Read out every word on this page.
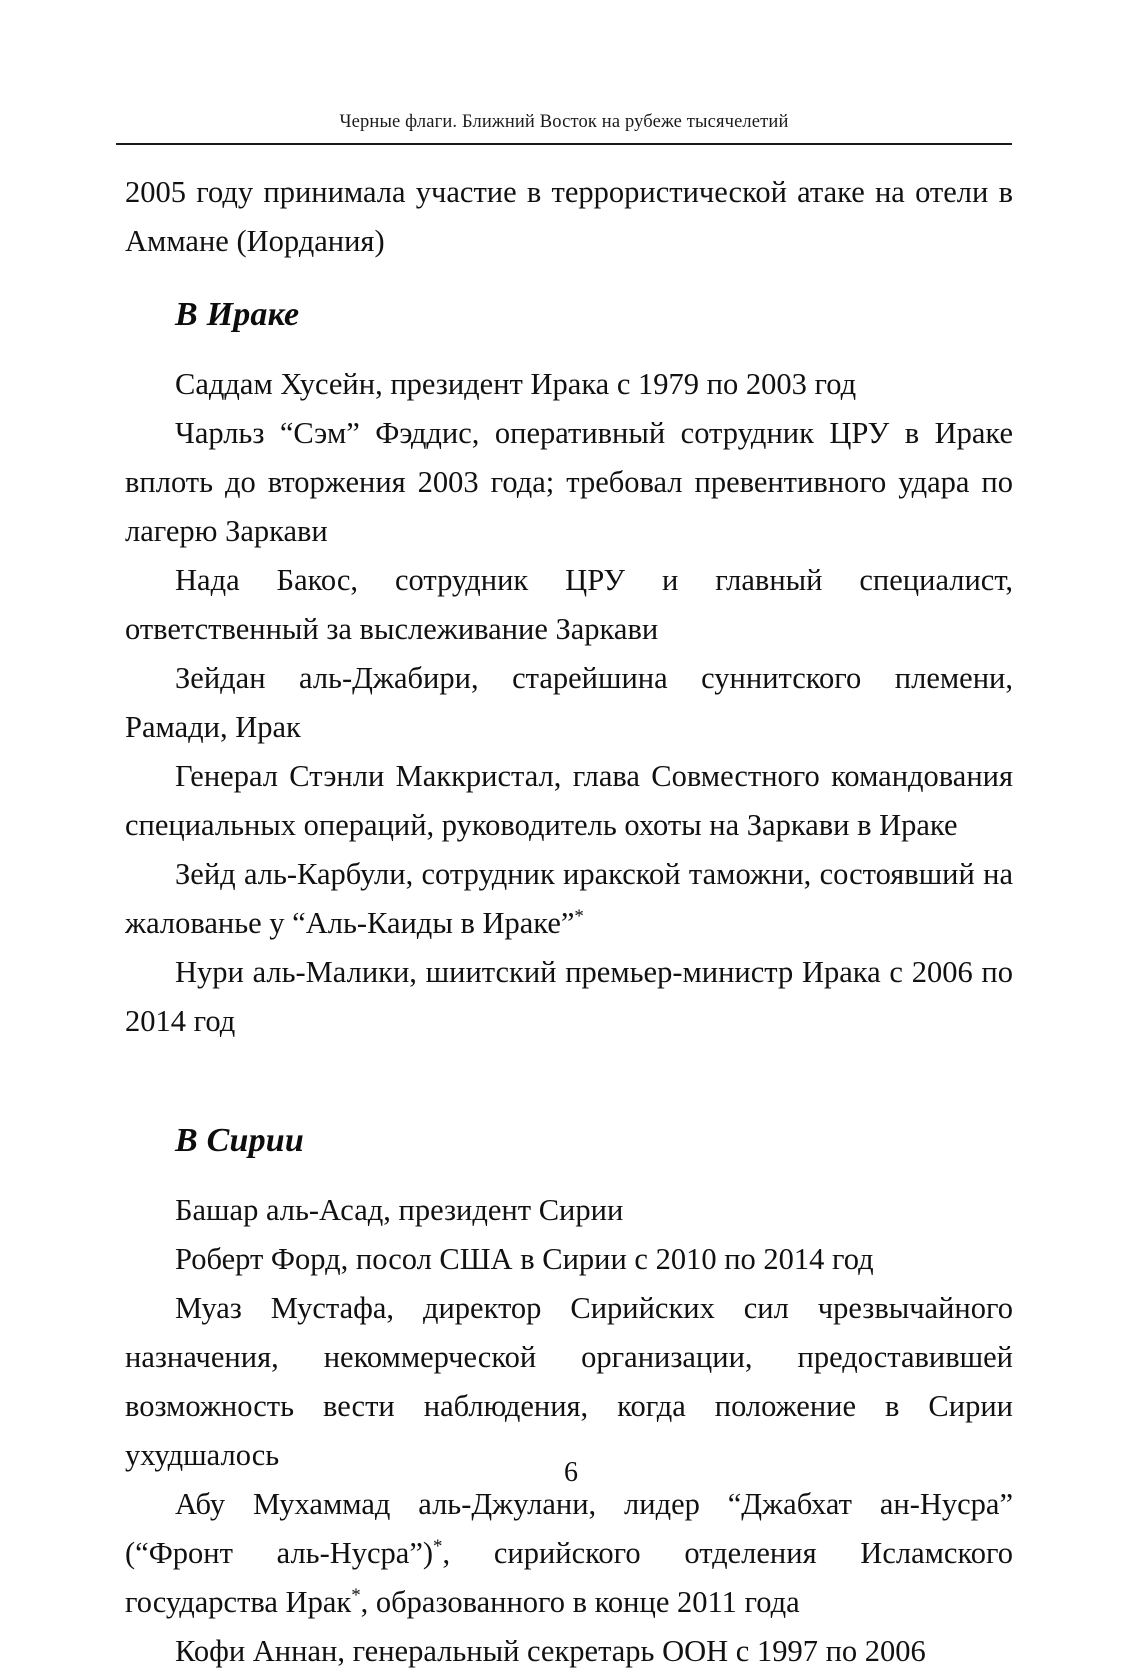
Черные флаги. Ближний Восток на рубеже тысячелетий

2005 году принимала участие в террористической атаке на отели в Аммане (Иордания)

В Ираке

Саддам Хусейн, президент Ирака с 1979 по 2003 год

Чарльз “Сэм” Фэддис, оперативный сотрудник ЦРУ в Ираке вплоть до вторжения 2003 года; требовал превентивного удара по лагерю Заркави

Нада Бакос, сотрудник ЦРУ и главный специалист, ответственный за выслеживание Заркави

Зейдан аль-Джабири, старейшина суннитского племени, Рамади, Ирак

Генерал Стэнли Маккристал, глава Совместного командования специальных операций, руководитель охоты на Заркави в Ираке

Зейд аль-Карбули, сотрудник иракской таможни, состоявший на жалованье у “Аль-Каиды в Ираке”*

Нури аль-Малики, шиитский премьер-министр Ирака с 2006 по 2014 год

В Сирии

Башар аль-Асад, президент Сирии

Роберт Форд, посол США в Сирии с 2010 по 2014 год

Муаз Мустафа, директор Сирийских сил чрезвычайного назначения, некоммерческой организации, предоставившей возможность вести наблюдения, когда положение в Сирии ухудшалось

Абу Мухаммад аль-Джулани, лидер “Джабхат ан-Нусра” (“Фронт аль-Нусра”)*, сирийского отделения Исламского государства Ирак*, образованного в конце 2011 года

Кофи Аннан, генеральный секретарь ООН с 1997 по 2006

6
